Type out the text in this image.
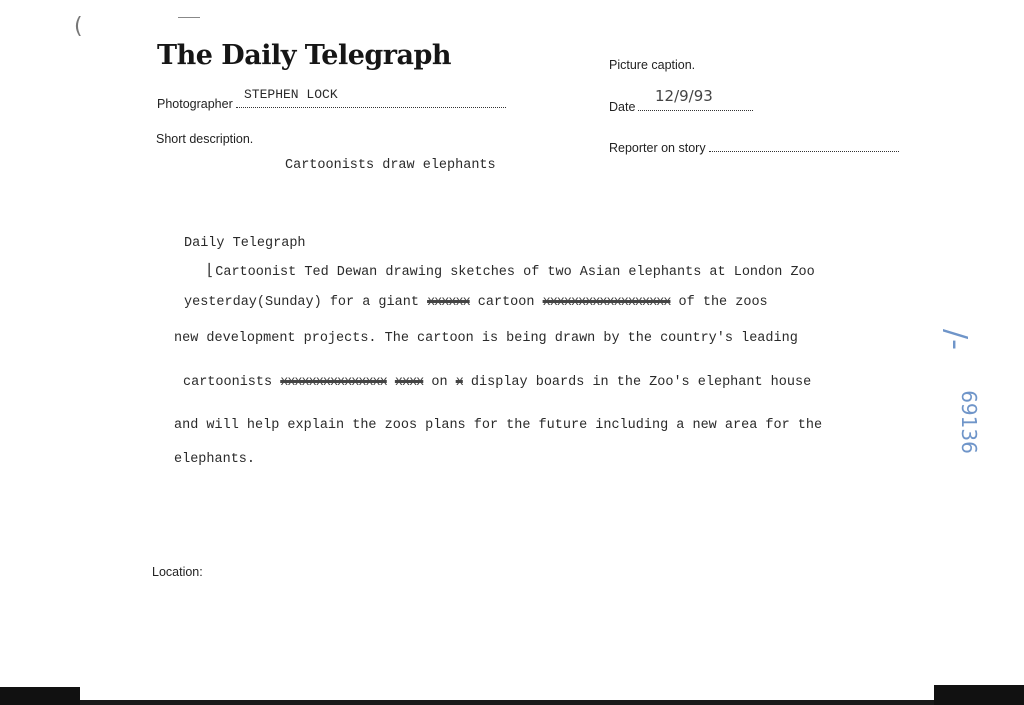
(
The Daily Telegraph
STEPHEN LOCK
Photographer
Short description.
Cartoonists draw elephants
Picture caption.
12/9/93
Date
Reporter on story
Daily Telegraph
⌊ Cartoonist Ted Dewan drawing sketches of two Asian elephants at London Zoo
yesterday(Sunday) for a giant xxxxxx cartoon xxxxxxxxxxxxxxxxxx of the zoos
new development projects. The cartoon is being drawn by the country's leading
cartoonists xxxxxxxxxxxxxxx xxxx on x display boards in the Zoo's elephant house
and will help explain the zoos plans for the future including a new area for the
elephants.
Location:
/-
69136
